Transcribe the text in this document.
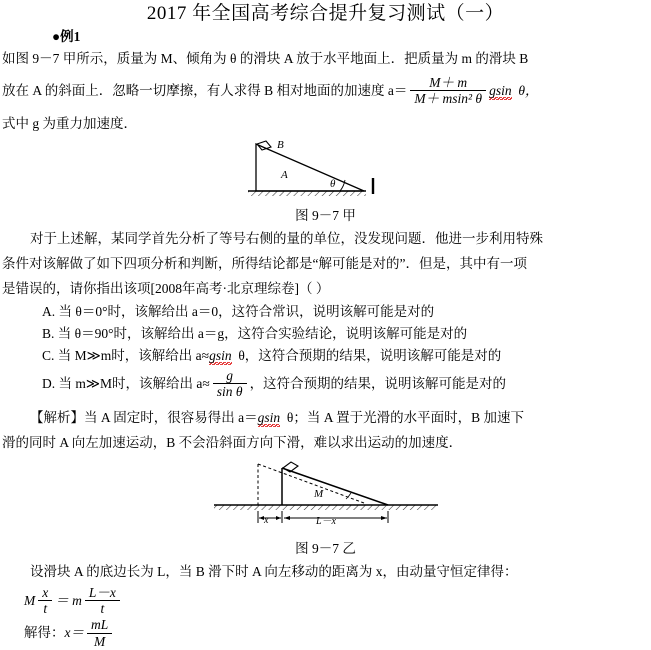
2017 年全国高考综合提升复习测试（一）
●例1
如图 9－7 甲所示，质量为 M、倾角为 θ 的滑块 A 放于水平地面上．把质量为 m 的滑块 B
放在 A 的斜面上．忽略一切摩擦，有人求得 B 相对地面的加速度 $a= \frac{M+ m}{\text{M＋ msin² θ}}$ gsin θ，
式中 g 为重力加速度．
B
A
θ
图 9－7 甲
对于上述解，某同学首先分析了等号右侧的量的单位，没发现问题．他进一步利用特殊
条件对该解做了如下四项分析和判断，所得结论都是“解可能是对的”．但是，其中有一项
是错误的，请你指出该项[2008年高考·北京理综卷]（ ）
A. 当 θ＝0°时，该解给出 a＝0，这符合常识，说明该解可能是对的
B. 当 θ＝90°时，该解给出 a＝g，这符合实验结论，说明该解可能是对的
C. 当 M≫m时，该解给出 a≈gsin θ，这符合预期的结果，说明该解可能是对的
D. 当 m≫M时，该解给出 $a\approx \frac{g}{\text{sin θ}}$ ，这符合预期的结果，说明该解可能是对的
【解析】当 A 固定时，很容易得出 a＝gsin θ；当 A 置于光滑的水平面时，B 加速下
滑的同时 A 向左加速运动，B 不会沿斜面方向下滑，难以求出运动的加速度．
M
x	L－x
图 9－7 乙
设滑块 A 的底边长为 L，当 B 滑下时 A 向左移动的距离为 x，由动量守恒定律得：
M $\frac{x}{t} = m \frac{L-x}{t}$
解得：$x= \frac{mL}{M}$
